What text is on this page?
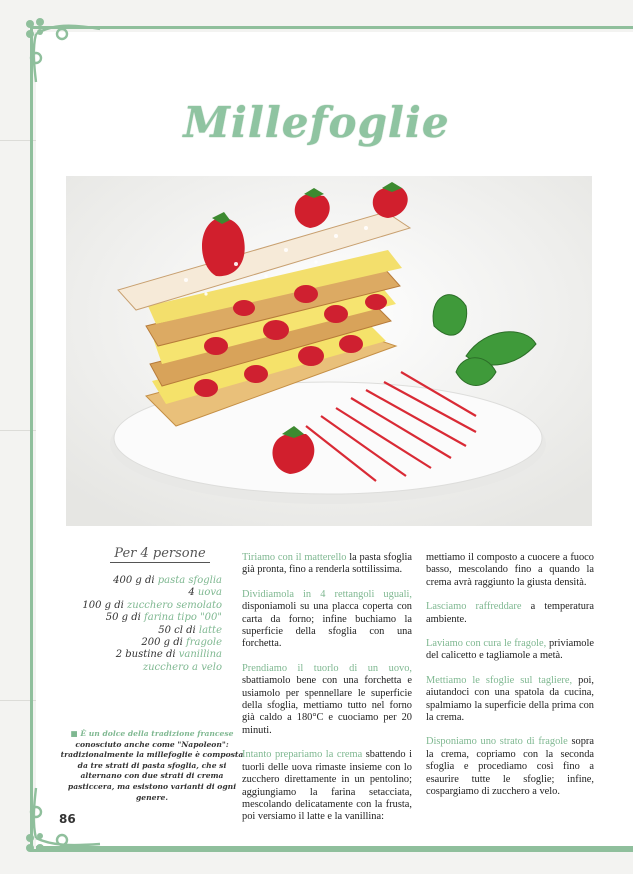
Millefoglie
Per 4 persone
400 g di pasta sfoglia
4 uova
100 g di zucchero semolato
50 g di farina tipo "00"
50 cl di latte
200 g di fragole
2 bustine di vanillina
zucchero a velo
■ È un dolce della tradizione francese conosciuto anche come "Napoleon": tradizionalmente la millefoglie è composta da tre strati di pasta sfoglia, che si alternano con due strati di crema pasticcera, ma esistono varianti di ogni genere.

Tiriamo con il matterello la pasta sfoglia già pronta, fino a renderla sottilissima.

Dividiamola in 4 rettangoli uguali, disponiamoli su una placca coperta con carta da forno; infine buchiamo la superficie della sfoglia con una forchetta.

Prendiamo il tuorlo di un uovo, sbattiamolo bene con una forchetta e usiamolo per spennellare le superficie della sfoglia, mettiamo tutto nel forno già caldo a 180°C e cuociamo per 20 minuti.

Intanto prepariamo la crema sbattendo i tuorli delle uova rimaste insieme con lo zucchero direttamente in un pentolino; aggiungiamo la farina setacciata, mescolando delicatamente con la frusta, poi versiamo il latte e la vanillina:

mettiamo il composto a cuocere a fuoco basso, mescolando fino a quando la crema avrà raggiunto la giusta densità.

Lasciamo raffreddare a temperatura ambiente.

Laviamo con cura le fragole, priviamole del calicetto e tagliamole a metà.

Mettiamo le sfoglie sul tagliere, poi, aiutandoci con una spatola da cucina, spalmiamo la superficie della prima con la crema.

Disponiamo uno strato di fragole sopra la crema, copriamo con la seconda sfoglia e procediamo così fino a esaurire tutte le sfoglie; infine, cospargiamo di zucchero a velo.

86
